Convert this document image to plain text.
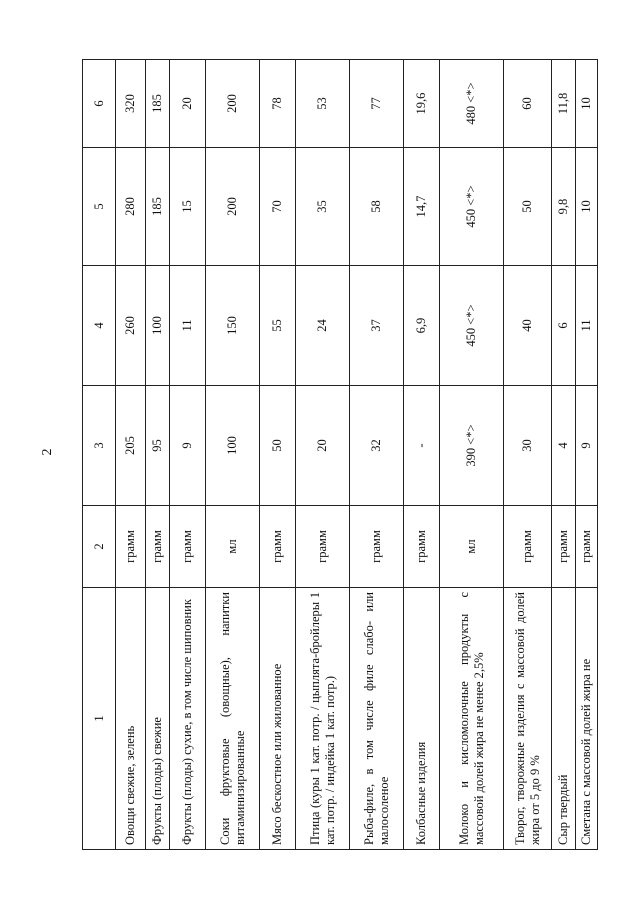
2
1	2	3	4	5	6
Овощи свежие, зелень	грамм	205	260	280	320
Фрукты (плоды) свежие	грамм	95	100	185	185
Фрукты (плоды) сухие, в том числе шиповник	грамм	9	11	15	20
Соки фруктовые (овощные), напитки витаминизированные	мл	100	150	200	200
Мясо бескостное или жилованное	грамм	50	55	70	78
Птица (куры 1 кат. потр. / цыплята-бройлеры 1 кат. потр. / индейка 1 кат. потр.)	грамм	20	24	35	53
Рыба-филе, в том числе филе слабо- или малосоленое	грамм	32	37	58	77
Колбасные изделия	грамм	-	6,9	14,7	19,6
Молоко и кисломолочные продукты с массовой долей жира не менее 2,5%	мл	390 <*>	450 <*>	450 <*>	480 <*>
Творог, творожные изделия с массовой долей жира от 5 до 9 %	грамм	30	40	50	60
Сыр твердый	грамм	4	6	9,8	11,8
Сметана с массовой долей жира не	грамм	9	11	10	10
